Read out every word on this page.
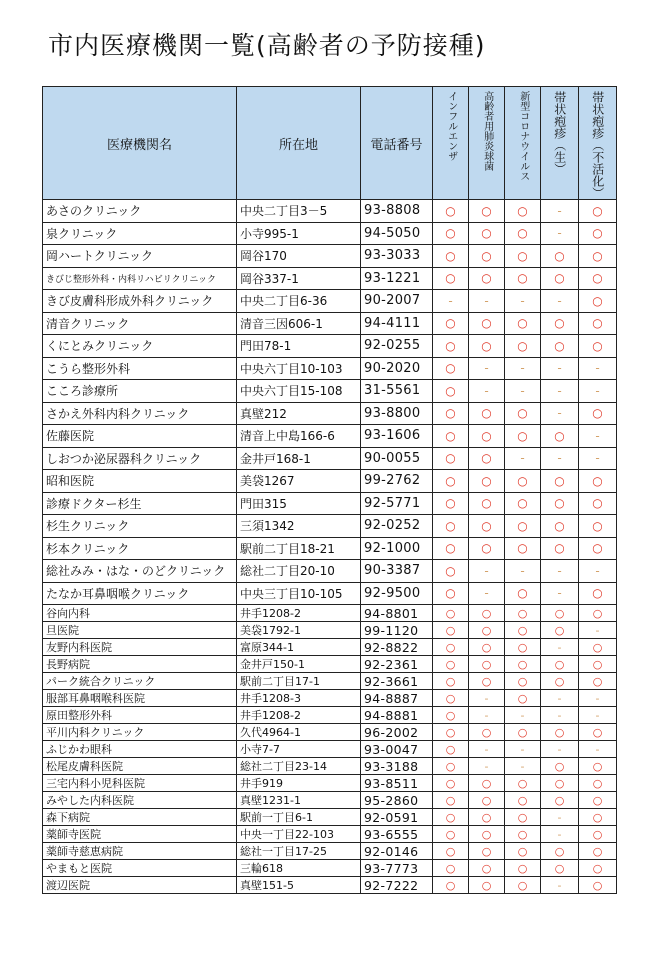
市内医療機関一覧(高齢者の予防接種)
医療機関名	所在地	電話番号	インフルエンザ	高齢者用肺炎球菌	新型コロナウイルス	帯状疱疹（生）	帯状疱疹（不活化）

あさのクリニック	中央二丁目3－5	93-8808	○	○	○	-	○
泉クリニック	小寺995-1	94-5050	○	○	○	-	○
岡ハートクリニック	岡谷170	93-3033	○	○	○	○	○
きびじ整形外科・内科リハビリクリニック	岡谷337-1	93-1221	○	○	○	○	○
きび皮膚科形成外科クリニック	中央二丁目6-36	90-2007	-	-	-	-	○
清音クリニック	清音三因606-1	94-4111	○	○	○	○	○
くにとみクリニック	門田78-1	92-0255	○	○	○	○	○
こうら整形外科	中央六丁目10-103	90-2020	○	-	-	-	-
こころ診療所	中央六丁目15-108	31-5561	○	-	-	-	-
さかえ外科内科クリニック	真壁212	93-8800	○	○	○	-	○
佐藤医院	清音上中島166-6	93-1606	○	○	○	○	-
しおつか泌尿器科クリニック	金井戸168-1	90-0055	○	○	-	-	-
昭和医院	美袋1267	99-2762	○	○	○	○	○
診療ドクター杉生	門田315	92-5771	○	○	○	○	○
杉生クリニック	三須1342	92-0252	○	○	○	○	○
杉本クリニック	駅前二丁目18-21	92-1000	○	○	○	○	○
総社みみ・はな・のどクリニック	総社二丁目20-10	90-3387	○	-	-	-	-
たなか耳鼻咽喉クリニック	中央三丁目10-105	92-9500	○	-	○	-	○
谷向内科	井手1208-2	94-8801	○	○	○	○	○
旦医院	美袋1792-1	99-1120	○	○	○	○	-
友野内科医院	富原344-1	92-8822	○	○	○	-	○
長野病院	金井戸150-1	92-2361	○	○	○	○	○
パーク統合クリニック	駅前二丁目17-1	92-3661	○	○	○	○	○
服部耳鼻咽喉科医院	井手1208-3	94-8887	○	-	○	-	-
原田整形外科	井手1208-2	94-8881	○	-	-	-	-
平川内科クリニック	久代4964-1	96-2002	○	○	○	○	○
ふじかわ眼科	小寺7-7	93-0047	○	-	-	-	-
松尾皮膚科医院	総社二丁目23-14	93-3188	○	-	-	○	○
三宅内科小児科医院	井手919	93-8511	○	○	○	○	○
みやした内科医院	真壁1231-1	95-2860	○	○	○	○	○
森下病院	駅前一丁目6-1	92-0591	○	○	○	-	○
薬師寺医院	中央一丁目22-103	93-6555	○	○	○	-	○
薬師寺慈恵病院	総社一丁目17-25	92-0146	○	○	○	○	○
やまもと医院	三輪618	93-7773	○	○	○	○	○
渡辺医院	真壁151-5	92-7222	○	○	○	-	○
